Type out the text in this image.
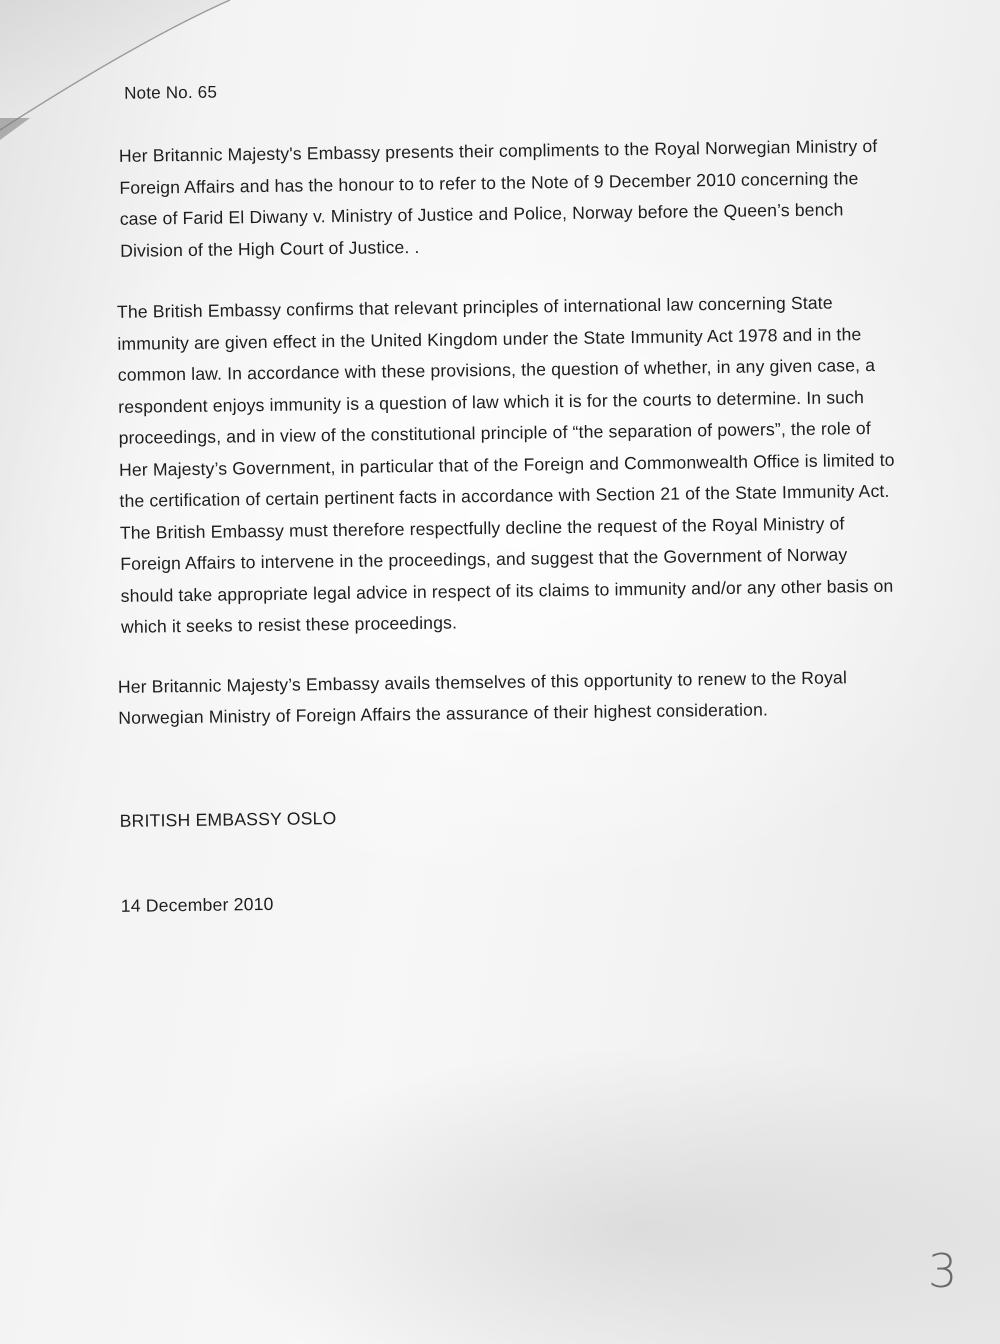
Note No. 65

Her Britannic Majesty's Embassy presents their compliments to the Royal Norwegian Ministry of Foreign Affairs and has the honour to to refer to the Note of 9 December 2010 concerning the case of Farid El Diwany v. Ministry of Justice and Police, Norway before the Queen’s bench Division of the High Court of Justice. .

The British Embassy confirms that relevant principles of international law concerning State immunity are given effect in the United Kingdom under the State Immunity Act 1978 and in the common law. In accordance with these provisions, the question of whether, in any given case, a respondent enjoys immunity is a question of law which it is for the courts to determine. In such proceedings, and in view of the constitutional principle of “the separation of powers”, the role of Her Majesty’s Government, in particular that of the Foreign and Commonwealth Office is limited to the certification of certain pertinent facts in accordance with Section 21 of the State Immunity Act. The British Embassy must therefore respectfully decline the request of the Royal Ministry of Foreign Affairs to intervene in the proceedings, and suggest that the Government of Norway should take appropriate legal advice in respect of its claims to immunity and/or any other basis on which it seeks to resist these proceedings.

Her Britannic Majesty’s Embassy avails themselves of this opportunity to renew to the Royal Norwegian Ministry of Foreign Affairs the assurance of their highest consideration.

BRITISH EMBASSY OSLO
14 December 2010
3
